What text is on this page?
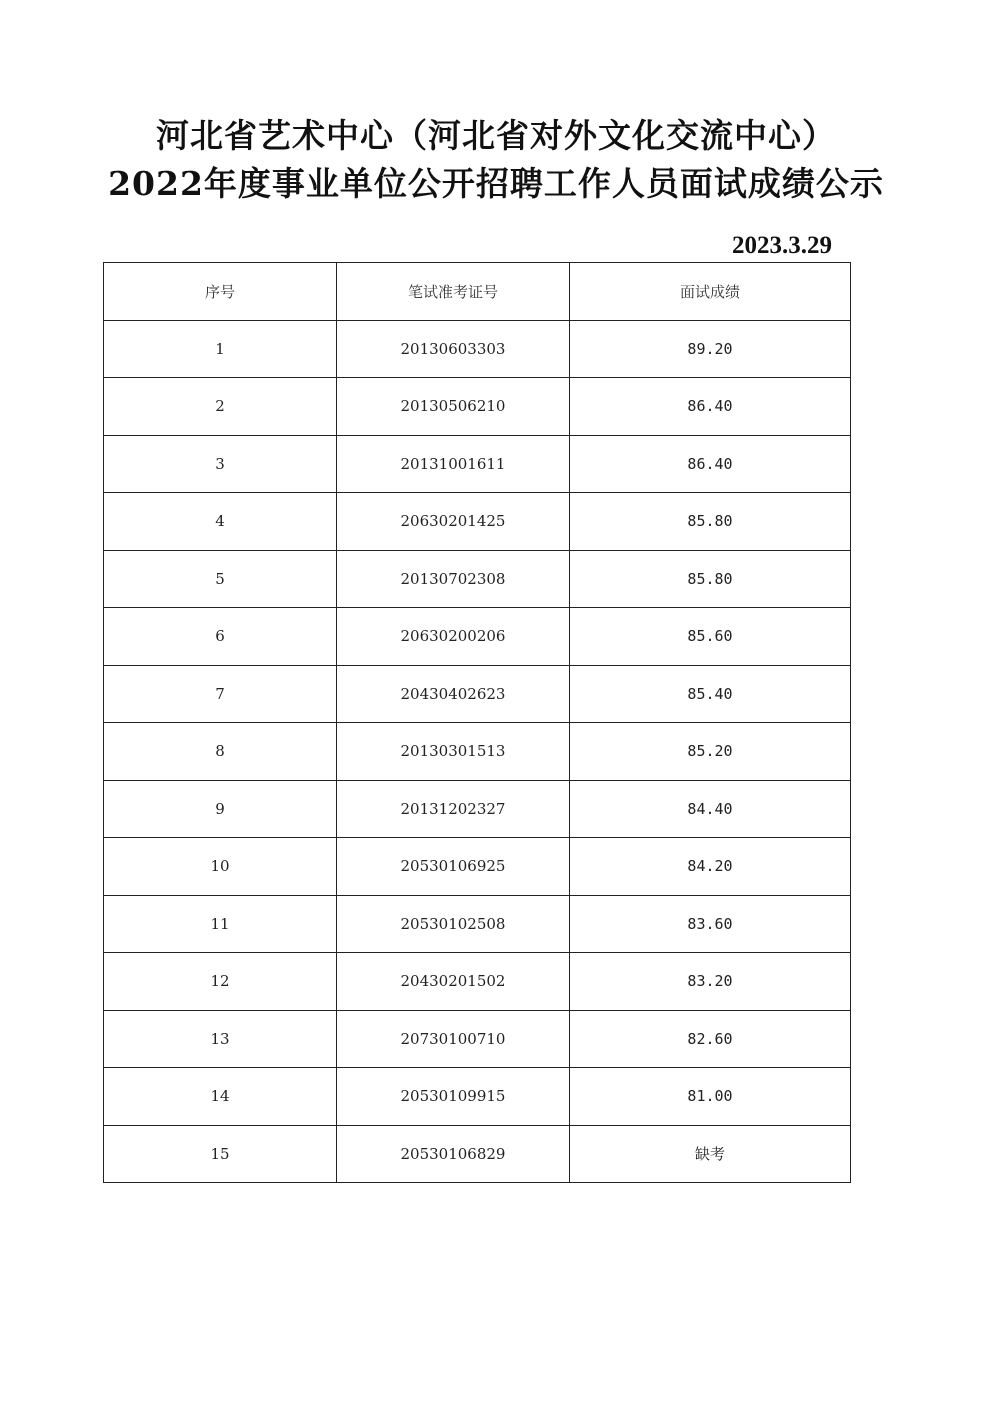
河北省艺术中心（河北省对外文化交流中心）
2022年度事业单位公开招聘工作人员面试成绩公示
2023.3.29
序号	笔试准考证号	面试成绩
1	20130603303	89.20
2	20130506210	86.40
3	20131001611	86.40
4	20630201425	85.80
5	20130702308	85.80
6	20630200206	85.60
7	20430402623	85.40
8	20130301513	85.20
9	20131202327	84.40
10	20530106925	84.20
11	20530102508	83.60
12	20430201502	83.20
13	20730100710	82.60
14	20530109915	81.00
15	20530106829	缺考
